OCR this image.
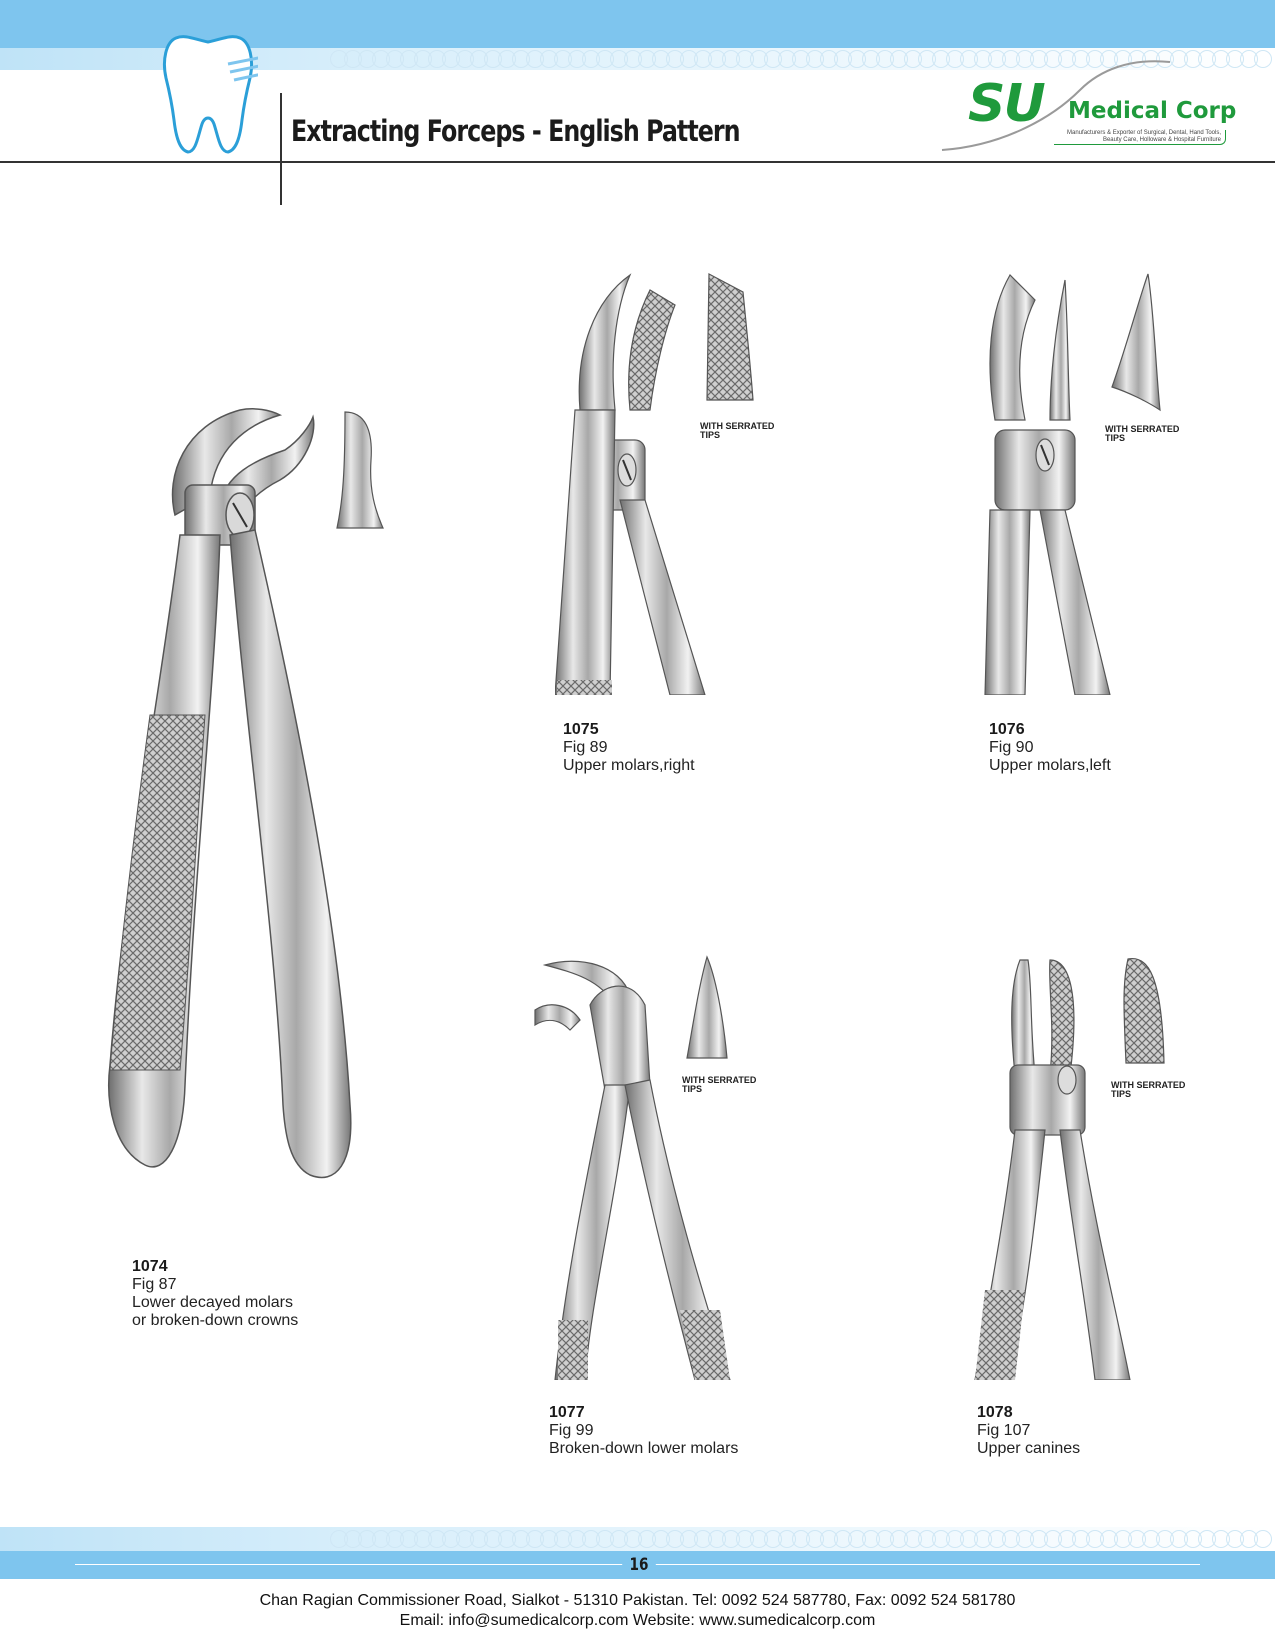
Extracting Forceps - English Pattern	SU Medical Corp
Manufacturers & Exporter of Surgical, Dental, Hand Tools, Beauty Care, Holloware & Hospital Furniture
WITH SERRATED
TIPS
WITH SERRATED
TIPS
WITH SERRATED
TIPS	WITH SERRATED
TIPS
1074
Fig 87
Lower decayed molars
or broken-down crowns
1075
Fig 89
Upper molars,right
1076
Fig 90
Upper molars,left
1077
Fig 99
Broken-down lower molars
1078
Fig 107
Upper canines
16
Chan Ragian Commissioner Road, Sialkot - 51310 Pakistan. Tel: 0092 524 587780, Fax: 0092 524 581780
Email: info@sumedicalcorp.com Website: www.sumedicalcorp.com
